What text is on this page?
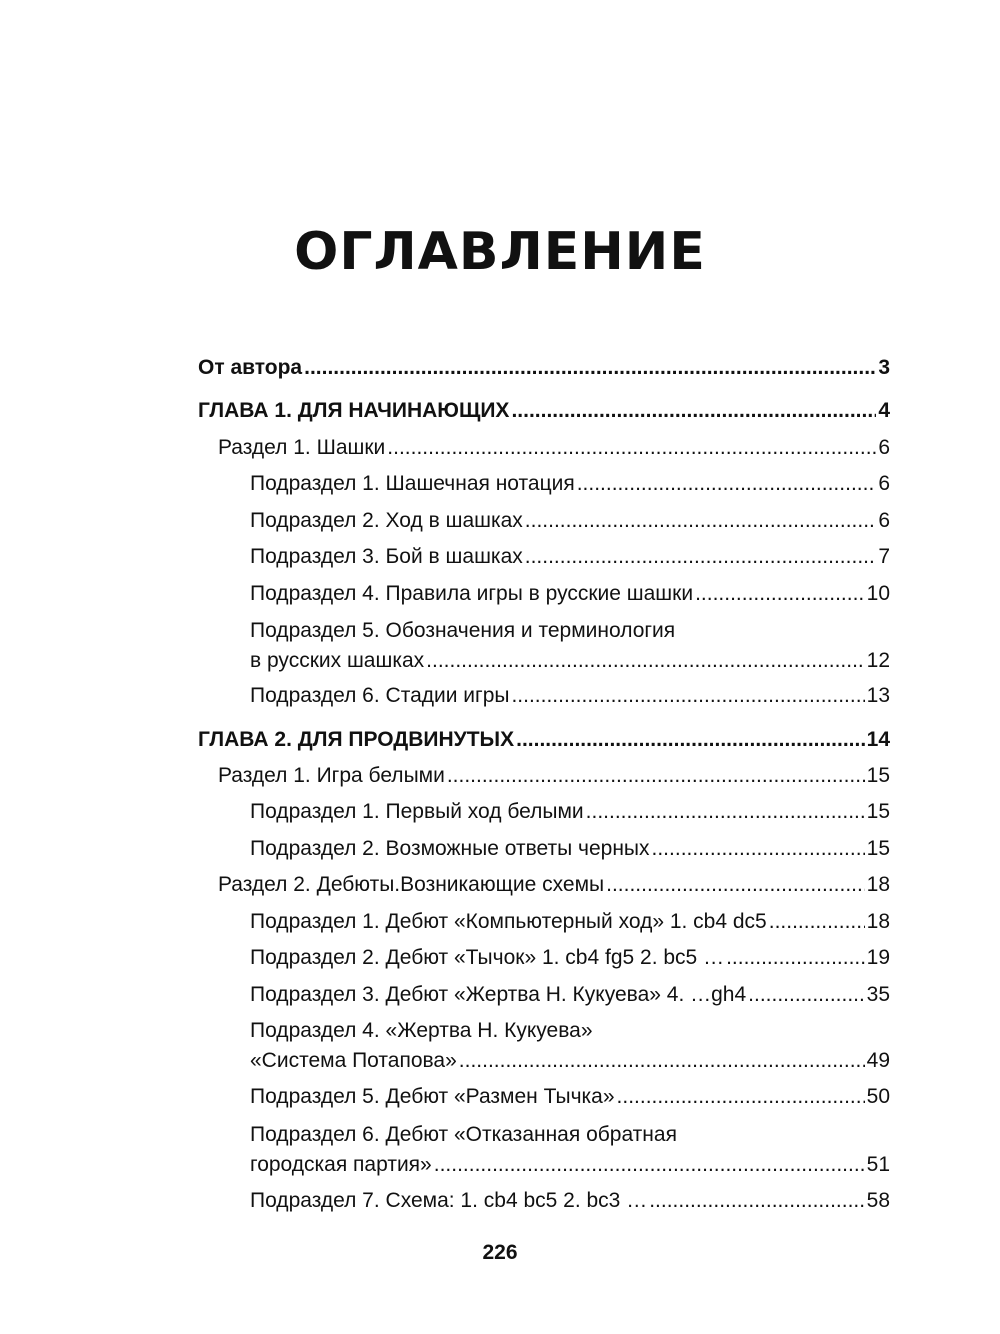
ОГЛАВЛЕНИЕ
От автора .....	3
ГЛАВА 1. ДЛЯ НАЧИНАЮЩИХ .....	4
Раздел 1. Шашки .....	6
Подраздел 1. Шашечная нотация .....	6
Подраздел 2. Ход в шашках .....	6
Подраздел 3. Бой в шашках .....	7
Подраздел 4. Правила игры в русские шашки .....	10
Подраздел 5. Обозначения и терминология
в русских шашках .....	12
Подраздел 6. Стадии игры .....	13
ГЛАВА 2. ДЛЯ ПРОДВИНУТЫХ .....	14
Раздел 1. Игра белыми .....	15
Подраздел 1. Первый ход белыми .....	15
Подраздел 2. Возможные ответы черных .....	15
Раздел 2. Дебюты.Возникающие схемы .....	18
Подраздел 1. Дебют «Компьютерный ход» 1. cb4 dc5 .....	18
Подраздел 2. Дебют «Тычок» 1. cb4 fg5 2. bc5 … .....	19
Подраздел 3. Дебют «Жертва Н. Кукуева» 4. …gh4 .....	35
Подраздел 4. «Жертва Н. Кукуева»
«Система Потапова» .....	49
Подраздел 5. Дебют «Размен Тычка» .....	50
Подраздел 6. Дебют «Отказанная обратная
городская партия» .....	51
Подраздел 7. Схема: 1. cb4 bc5 2. bc3 … .....	58
226
